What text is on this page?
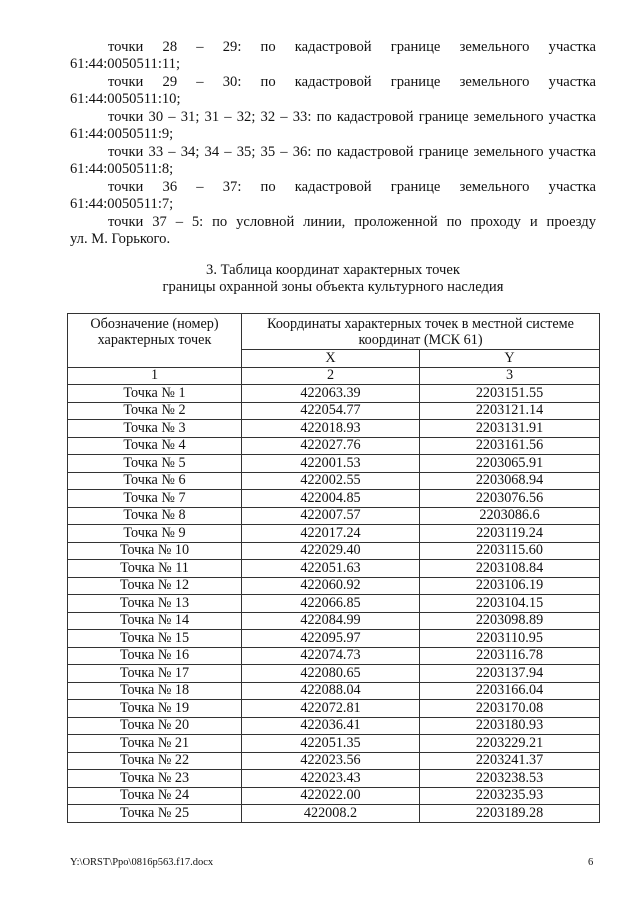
точки 28 – 29: по кадастровой границе земельного участка
61:44:0050511:11;
точки 29 – 30: по кадастровой границе земельного участка
61:44:0050511:10;
точки 30 – 31; 31 – 32; 32 – 33: по кадастровой границе земельного участка
61:44:0050511:9;
точки 33 – 34; 34 – 35; 35 – 36: по кадастровой границе земельного участка
61:44:0050511:8;
точки 36 – 37: по кадастровой границе земельного участка
61:44:0050511:7;
точки 37 – 5: по условной линии, проложенной по проходу и проезду
ул. М. Горького.
3. Таблица координат характерных точек
границы охранной зоны объекта культурного наследия
Обозначение (номер) характерных точек	Координаты характерных точек в местной системе координат (МСК 61)	
	X	Y
1	2	3
Точка № 1	422063.39	2203151.55
Точка № 2	422054.77	2203121.14
Точка № 3	422018.93	2203131.91
Точка № 4	422027.76	2203161.56
Точка № 5	422001.53	2203065.91
Точка № 6	422002.55	2203068.94
Точка № 7	422004.85	2203076.56
Точка № 8	422007.57	2203086.6
Точка № 9	422017.24	2203119.24
Точка № 10	422029.40	2203115.60
Точка № 11	422051.63	2203108.84
Точка № 12	422060.92	2203106.19
Точка № 13	422066.85	2203104.15
Точка № 14	422084.99	2203098.89
Точка № 15	422095.97	2203110.95
Точка № 16	422074.73	2203116.78
Точка № 17	422080.65	2203137.94
Точка № 18	422088.04	2203166.04
Точка № 19	422072.81	2203170.08
Точка № 20	422036.41	2203180.93
Точка № 21	422051.35	2203229.21
Точка № 22	422023.56	2203241.37
Точка № 23	422023.43	2203238.53
Точка № 24	422022.00	2203235.93
Точка № 25	422008.2	2203189.28
Y:\ORST\Ppo\0816p563.f17.docx	6
